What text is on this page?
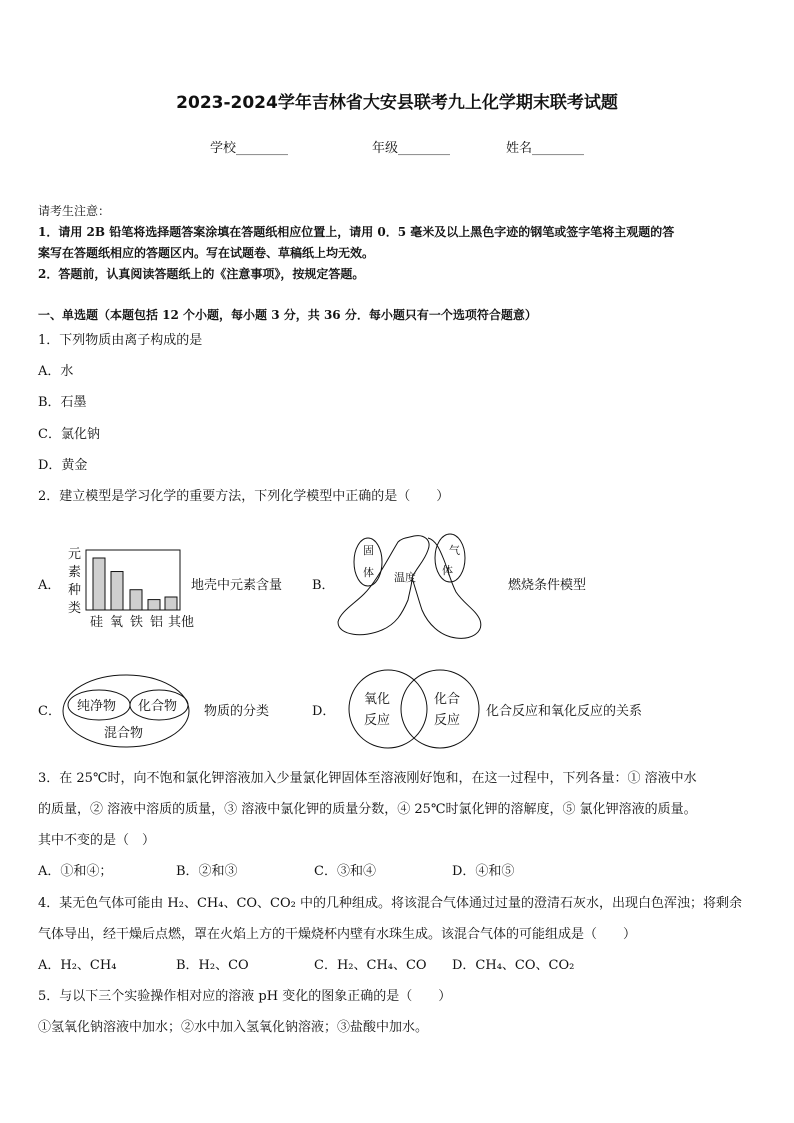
2023-2024学年吉林省大安县联考九上化学期末联考试题
学校________	年级________	姓名________
请考生注意：
1．请用 2B 铅笔将选择题答案涂填在答题纸相应位置上，请用 0．5 毫米及以上黑色字迹的钢笔或签字笔将主观题的答
案写在答题纸相应的答题区内。写在试题卷、草稿纸上均无效。
2．答题前，认真阅读答题纸上的《注意事项》，按规定答题。
一、单选题（本题包括 12 个小题，每小题 3 分，共 36 分．每小题只有一个选项符合题意）
1．下列物质由离子构成的是
A．水
B．石墨
C．氯化钠
D．黄金
2．建立模型是学习化学的重要方法，下列化学模型中正确的是（　　）
A．
元
素
种
类
硅 氧 铁 铝 其他
地壳中元素含量 B．
固
体
气
体
温度
燃烧条件模型
C． 纯净物 化合物
混合物
物质的分类	D．
氧化
反应
化合
反应
化合反应和氧化反应的关系
3．在 25℃时，向不饱和氯化钾溶液加入少量氯化钾固体至溶液刚好饱和，在这一过程中，下列各量：① 溶液中水
的质量，② 溶液中溶质的质量，③ 溶液中氯化钾的质量分数，④ 25℃时氯化钾的溶解度，⑤ 氯化钾溶液的质量。
其中不变的是（　）
A．①和④；	B．②和③	C．③和④	D．④和⑤
4．某无色气体可能由 H₂、CH₄、CO、CO₂ 中的几种组成。将该混合气体通过过量的澄清石灰水，出现白色浑浊；将剩余
气体导出，经干燥后点燃，罩在火焰上方的干燥烧杯内壁有水珠生成。该混合气体的可能组成是（　　）
A．H₂、CH₄	B．H₂、CO	C．H₂、CH₄、CO D．CH₄、CO、CO₂
5．与以下三个实验操作相对应的溶液 pH 变化的图象正确的是（　　）
①氢氧化钠溶液中加水；②水中加入氢氧化钠溶液；③盐酸中加水。
